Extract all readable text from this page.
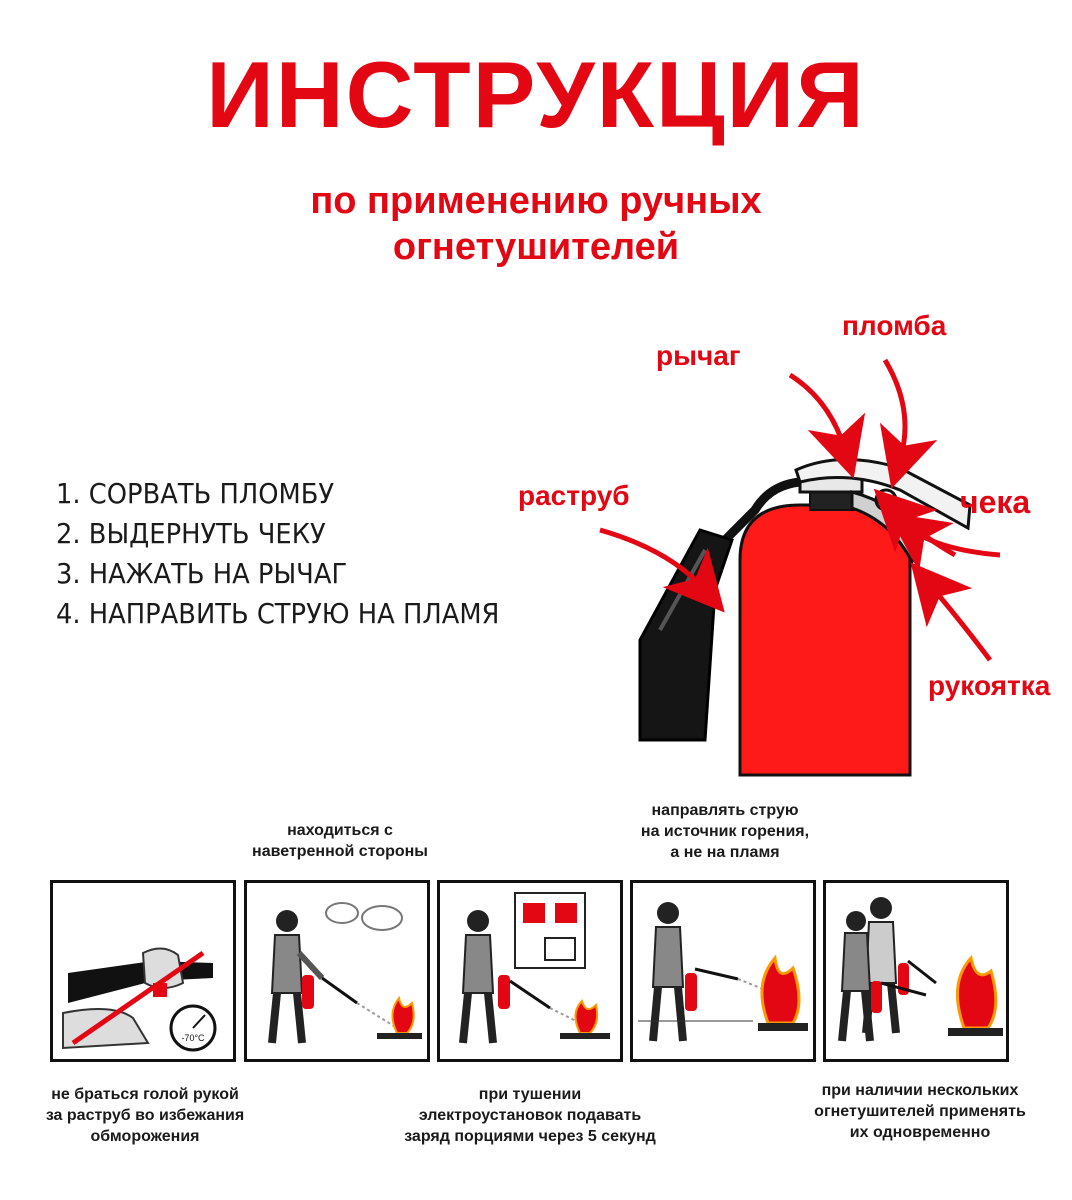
ИНСТРУКЦИЯ
по применению ручных
огнетушителей
1. СОРВАТЬ ПЛОМБУ
2. ВЫДЕРНУТЬ ЧЕКУ
3. НАЖАТЬ НА РЫЧАГ
4. НАПРАВИТЬ СТРУЮ НА ПЛАМЯ
рычаг
пломба
раструб	чека
рукоятка
находиться с
наветренной стороны
направлять струю
на источник горения,
а не на пламя
-70°C
не браться голой рукой
за раструб во избежания
обморожения
при тушении
электроустановок подавать
заряд порциями через 5 секунд
при наличии нескольких
огнетушителей применять
их одновременно
